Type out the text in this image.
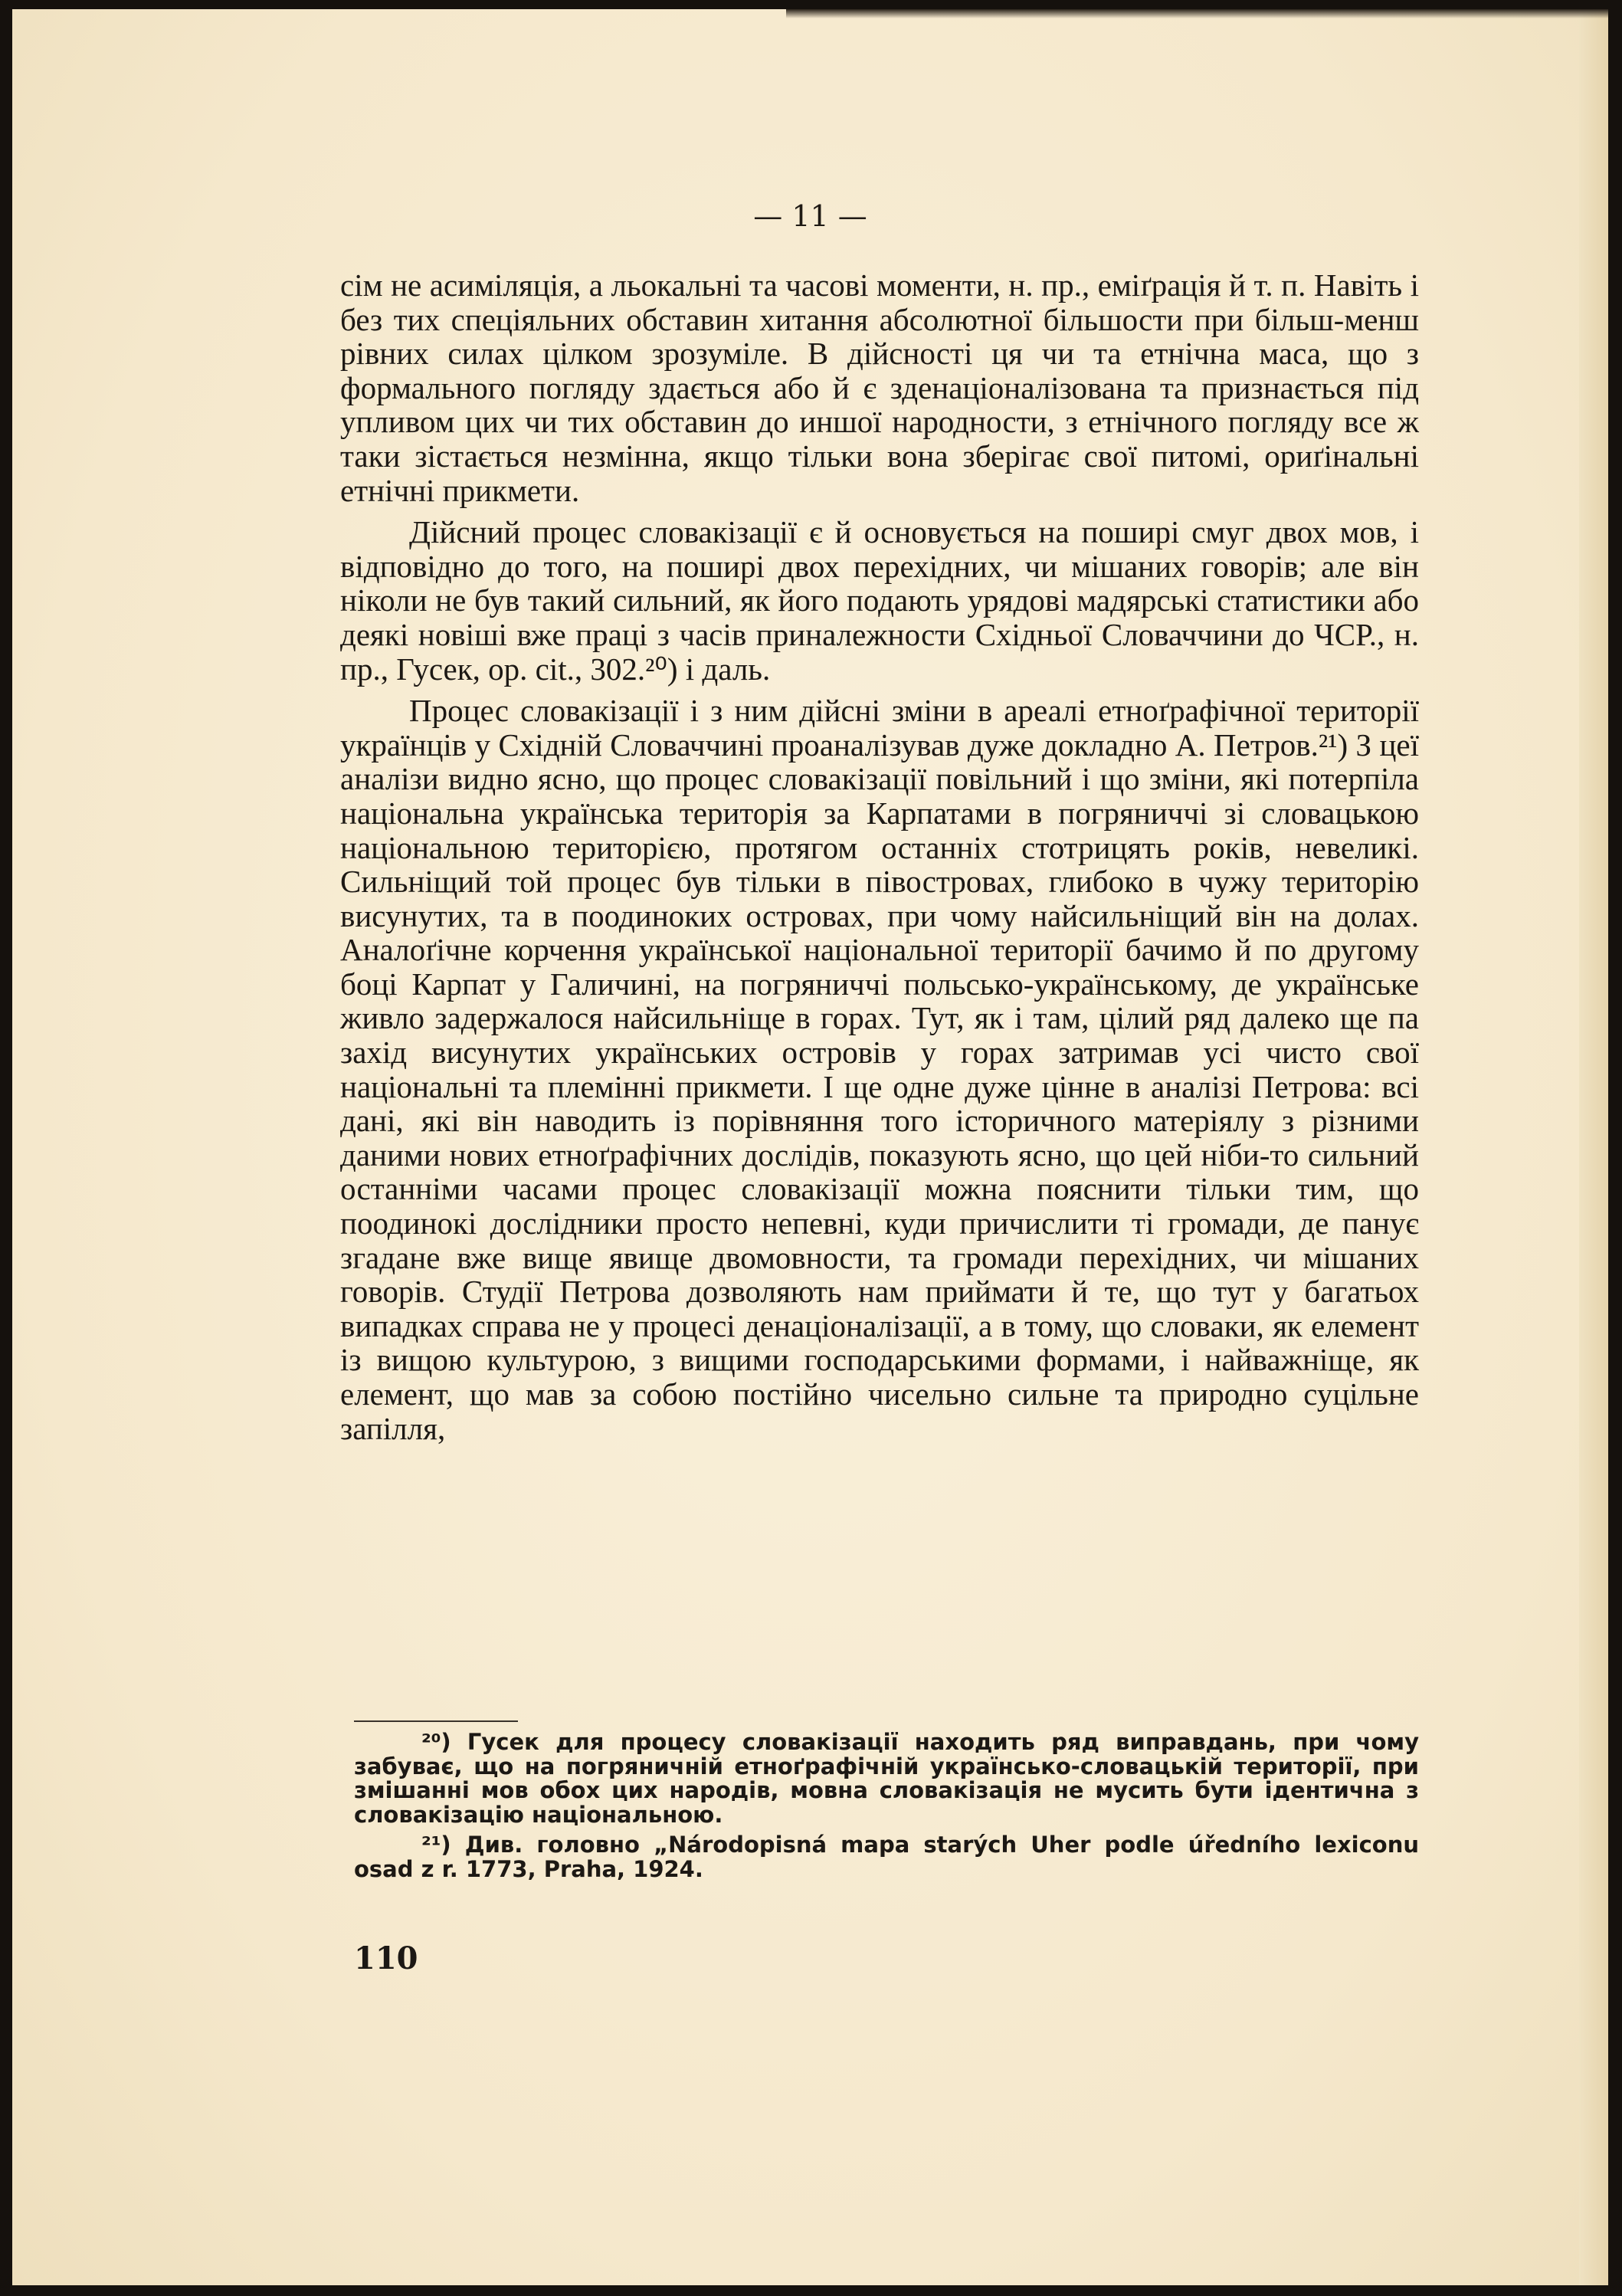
— 11 —

сім не асиміляція, а льокальні та часові моменти, н. пр., еміґрація й т. п. Навіть і без тих спеціяльних обставин хитання абсолютної більшости при більш-менш рівних силах цілком зрозуміле. В дійсності ця чи та етнічна маса, що з формального погляду здається або й є зденаціоналізована та признається під упливом цих чи тих обставин до иншої народности, з етнічного погляду все ж таки зістається незмінна, якщо тільки вона зберігає свої питомі, ориґінальні етнічні прикмети.

Дійсний процес словакізації є й основується на поширі смуг двох мов, і відповідно до того, на поширі двох перехідних, чи мішаних говорів; але він ніколи не був такий сильний, як його подають урядові мадярські статистики або деякі новіші вже праці з часів приналежности Східньої Словаччини до ЧСР., н. пр., Гусек, op. cit., 302.²⁰) і даль.

Процес словакізації і з ним дійсні зміни в ареалі етноґрафічної території українців у Східній Словаччині проаналізував дуже докладно А. Петров.²¹) З цеї аналізи видно ясно, що процес словакізації повільний і що зміни, які потерпіла національна українська територія за Карпатами в погряниччі зі словацькою національною територією, протягом останніх стотрицять років, невеликі. Сильніщий той процес був тільки в півостровах, глибоко в чужу територію висунутих, та в поодиноких островах, при чому найсильніщий він на долах. Аналоґічне корчення української національної території бачимо й по другому боці Карпат у Галичині, на погряниччі польсько-українському, де українське живло задержалося найсильніще в горах. Тут, як і там, цілий ряд далеко ще па захід висунутих українських островів у горах затримав усі чисто свої національні та племінні прикмети. І ще одне дуже цінне в аналізі Петрова: всі дані, які він наводить із порівняння того історичного матеріялу з різними даними нових етноґрафічних дослідів, показують ясно, що цей ніби-то сильний останніми часами процес словакізації можна пояснити тільки тим, що поодинокі дослідники просто непевні, куди причислити ті громади, де панує згадане вже вище явище двомовности, та громади перехідних, чи мішаних говорів. Студії Петрова дозволяють нам приймати й те, що тут у багатьох випадках справа не у процесі денаціоналізації, а в тому, що словаки, як елемент із вищою культурою, з вищими господарськими формами, і найважніще, як елемент, що мав за собою постійно чисельно сильне та природно суцільне запілля,

²⁰) Гусек для процесу словакізації находить ряд виправдань, при чому забуває, що на погряничній етноґрафічній українсько-словацькій території, при змішанні мов обох цих народів, мовна словакізація не мусить бути ідентична з словакізацію національною.

²¹) Див. головно „Národopisná mapa starých Uher podle úředního lexiconu osad z r. 1773, Praha, 1924.

110
